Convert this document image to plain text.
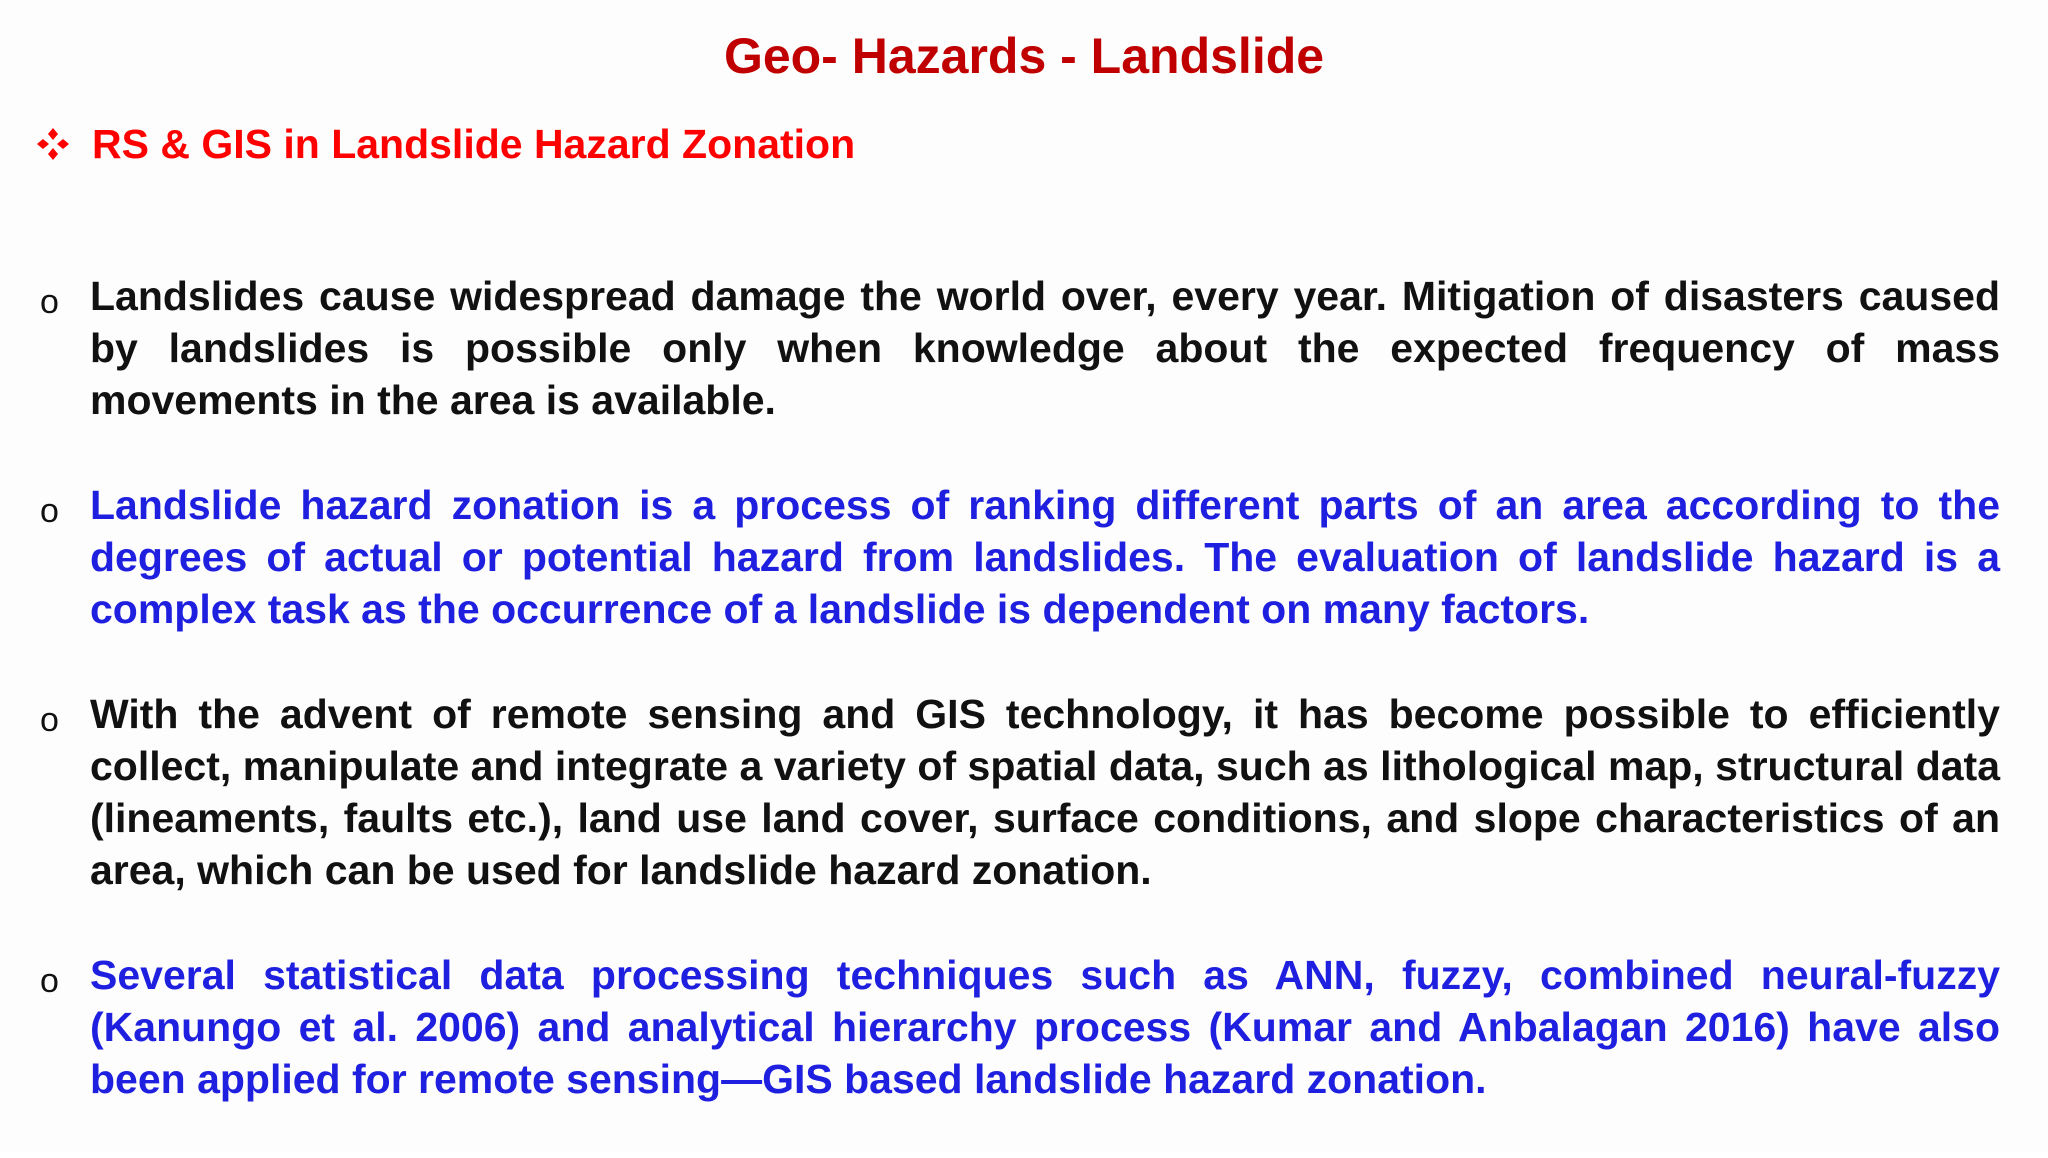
Geo- Hazards - Landslide
RS & GIS in Landslide Hazard Zonation
o Landslides cause widespread damage the world over, every year. Mitigation of disasters caused by landslides is possible only when knowledge about the expected frequency of mass movements in the area is available.
o Landslide hazard zonation is a process of ranking different parts of an area according to the degrees of actual or potential hazard from landslides. The evaluation of landslide hazard is a complex task as the occurrence of a landslide is dependent on many factors.
o With the advent of remote sensing and GIS technology, it has become possible to efficiently collect, manipulate and integrate a variety of spatial data, such as lithological map, structural data (lineaments, faults etc.), land use land cover, surface conditions, and slope characteristics of an area, which can be used for landslide hazard zonation.
o Several statistical data processing techniques such as ANN, fuzzy, combined neural-fuzzy (Kanungo et al. 2006) and analytical hierarchy process (Kumar and Anbalagan 2016) have also been applied for remote sensing—GIS based landslide hazard zonation.
